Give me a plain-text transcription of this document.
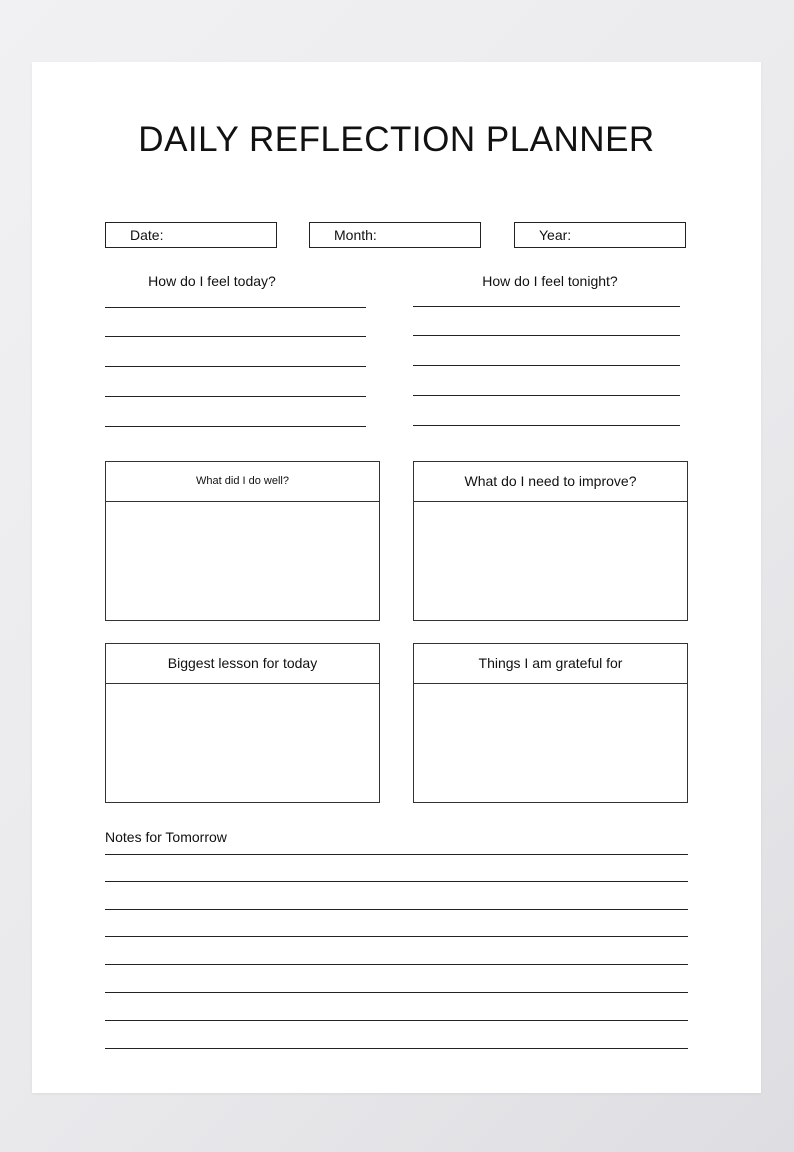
DAILY REFLECTION PLANNER
Date:	Month:	Year:
How do I feel today?	How do I feel tonight?
What did I do well?	What do I need to improve?
Biggest lesson for today	Things I am grateful for
Notes for Tomorrow
